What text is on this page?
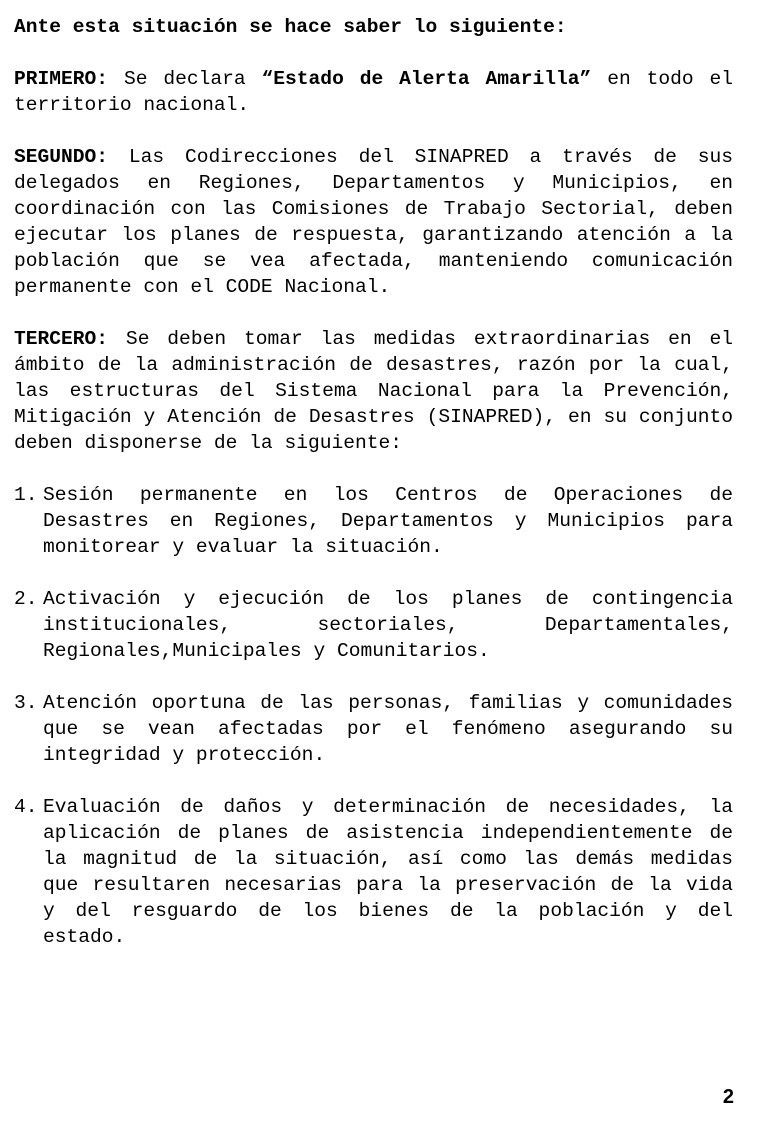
Ante esta situación se hace saber lo siguiente:

PRIMERO: Se declara “Estado de Alerta Amarilla” en todo el territorio nacional.

SEGUNDO: Las Codirecciones del SINAPRED a través de sus delegados en Regiones, Departamentos y Municipios, en coordinación con las Comisiones de Trabajo Sectorial, deben ejecutar los planes de respuesta, garantizando atención a la población que se vea afectada, manteniendo comunicación permanente con el CODE Nacional.

TERCERO: Se deben tomar las medidas extraordinarias en el ámbito de la administración de desastres, razón por la cual, las estructuras del Sistema Nacional para la Prevención, Mitigación y Atención de Desastres (SINAPRED), en su conjunto deben disponerse de la siguiente:

1. Sesión permanente en los Centros de Operaciones de Desastres en Regiones, Departamentos y Municipios para monitorear y evaluar la situación.
2. Activación y ejecución de los planes de contingencia institucionales, sectoriales, Departamentales, Regionales,Municipales y Comunitarios.
3. Atención oportuna de las personas, familias y comunidades que se vean afectadas por el fenómeno asegurando su integridad y protección.
4. Evaluación de daños y determinación de necesidades, la aplicación de planes de asistencia independientemente de la magnitud de la situación, así como las demás medidas que resultaren necesarias para la preservación de la vida y del resguardo de los bienes de la población y del estado.
2
